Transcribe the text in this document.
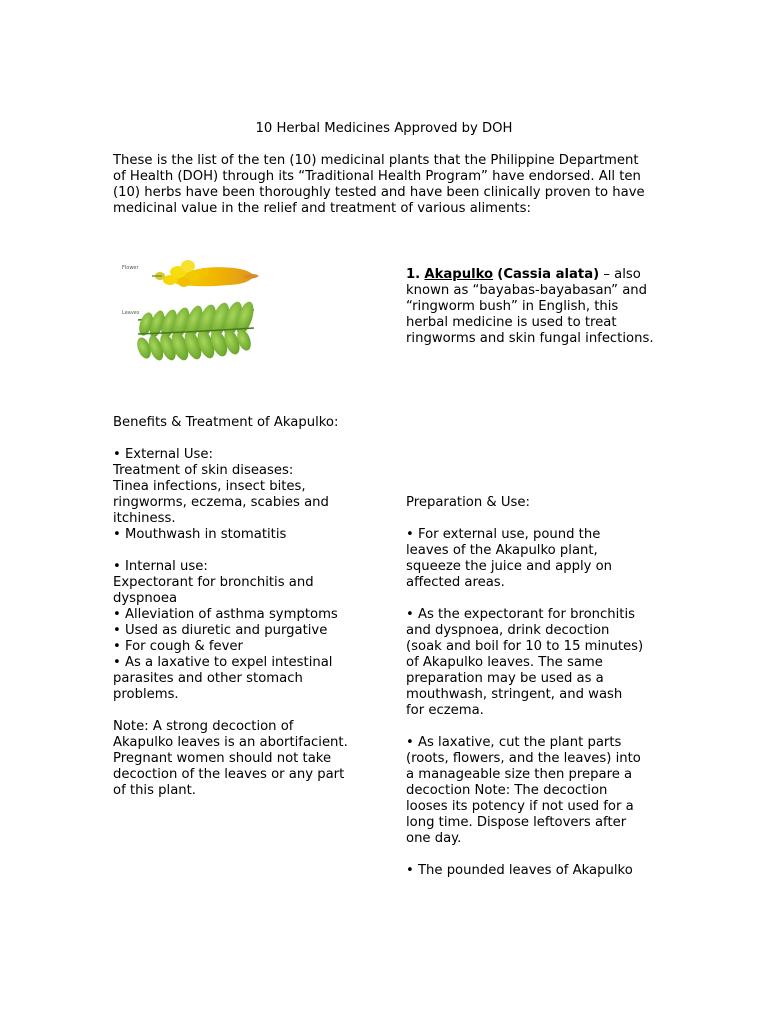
10 Herbal Medicines Approved by DOH

These is the list of the ten (10) medicinal plants that the Philippine Department of Health (DOH) through its “Traditional Health Program” have endorsed. All ten (10) herbs have been thoroughly tested and have been clinically proven to have medicinal value in the relief and treatment of various aliments:

Flower
Leaves

1. Akapulko (Cassia alata) – also known as “bayabas-bayabasan” and “ringworm bush” in English, this herbal medicine is used to treat ringworms and skin fungal infections.

Benefits & Treatment of Akapulko:
• External Use:
Treatment of skin diseases:
Tinea infections, insect bites,
ringworms, eczema, scabies and
itchiness.
• Mouthwash in stomatitis
• Internal use:
Expectorant for bronchitis and
dyspnoea
• Alleviation of asthma symptoms
• Used as diuretic and purgative
• For cough & fever
• As a laxative to expel intestinal
parasites and other stomach
problems.
Note: A strong decoction of
Akapulko leaves is an abortifacient.
Pregnant women should not take
decoction of the leaves or any part
of this plant.
Preparation & Use:
• For external use, pound the
leaves of the Akapulko plant,
squeeze the juice and apply on
affected areas.
• As the expectorant for bronchitis
and dyspnoea, drink decoction
(soak and boil for 10 to 15 minutes)
of Akapulko leaves. The same
preparation may be used as a
mouthwash, stringent, and wash
for eczema.
• As laxative, cut the plant parts
(roots, flowers, and the leaves) into
a manageable size then prepare a
decoction Note: The decoction
looses its potency if not used for a
long time. Dispose leftovers after
one day.
• The pounded leaves of Akapulko
